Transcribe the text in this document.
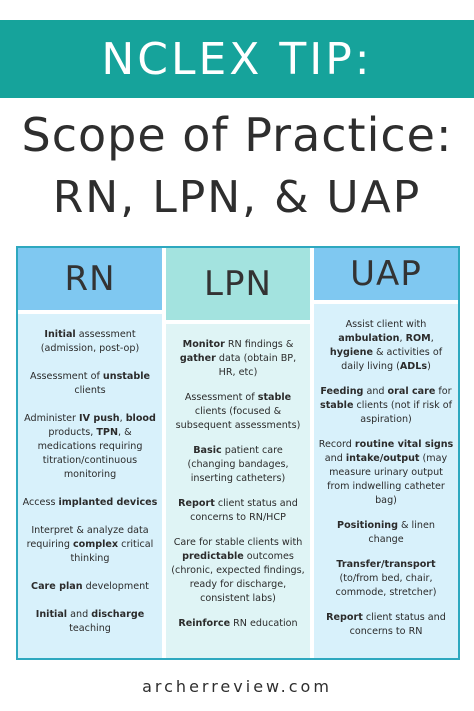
NCLEX TIP:
Scope of Practice:
RN, LPN, & UAP
RN
Initial assessment (admission, post-op)
Assessment of unstable clients
Administer IV push, blood products, TPN, & medications requiring titration/continuous monitoring
Access implanted devices
Interpret & analyze data requiring complex critical thinking
Care plan development
Initial and discharge teaching
LPN
Monitor RN findings & gather data (obtain BP, HR, etc)
Assessment of stable clients (focused & subsequent assessments)
Basic patient care (changing bandages, inserting catheters)
Report client status and concerns to RN/HCP
Care for stable clients with predictable outcomes (chronic, expected findings, ready for discharge, consistent labs)
Reinforce RN education
UAP
Assist client with ambulation, ROM, hygiene & activities of daily living (ADLs)
Feeding and oral care for stable clients (not if risk of aspiration)
Record routine vital signs and intake/output (may measure urinary output from indwelling catheter bag)
Positioning & linen change
Transfer/transport (to/from bed, chair, commode, stretcher)
Report client status and concerns to RN
archerreview.com
